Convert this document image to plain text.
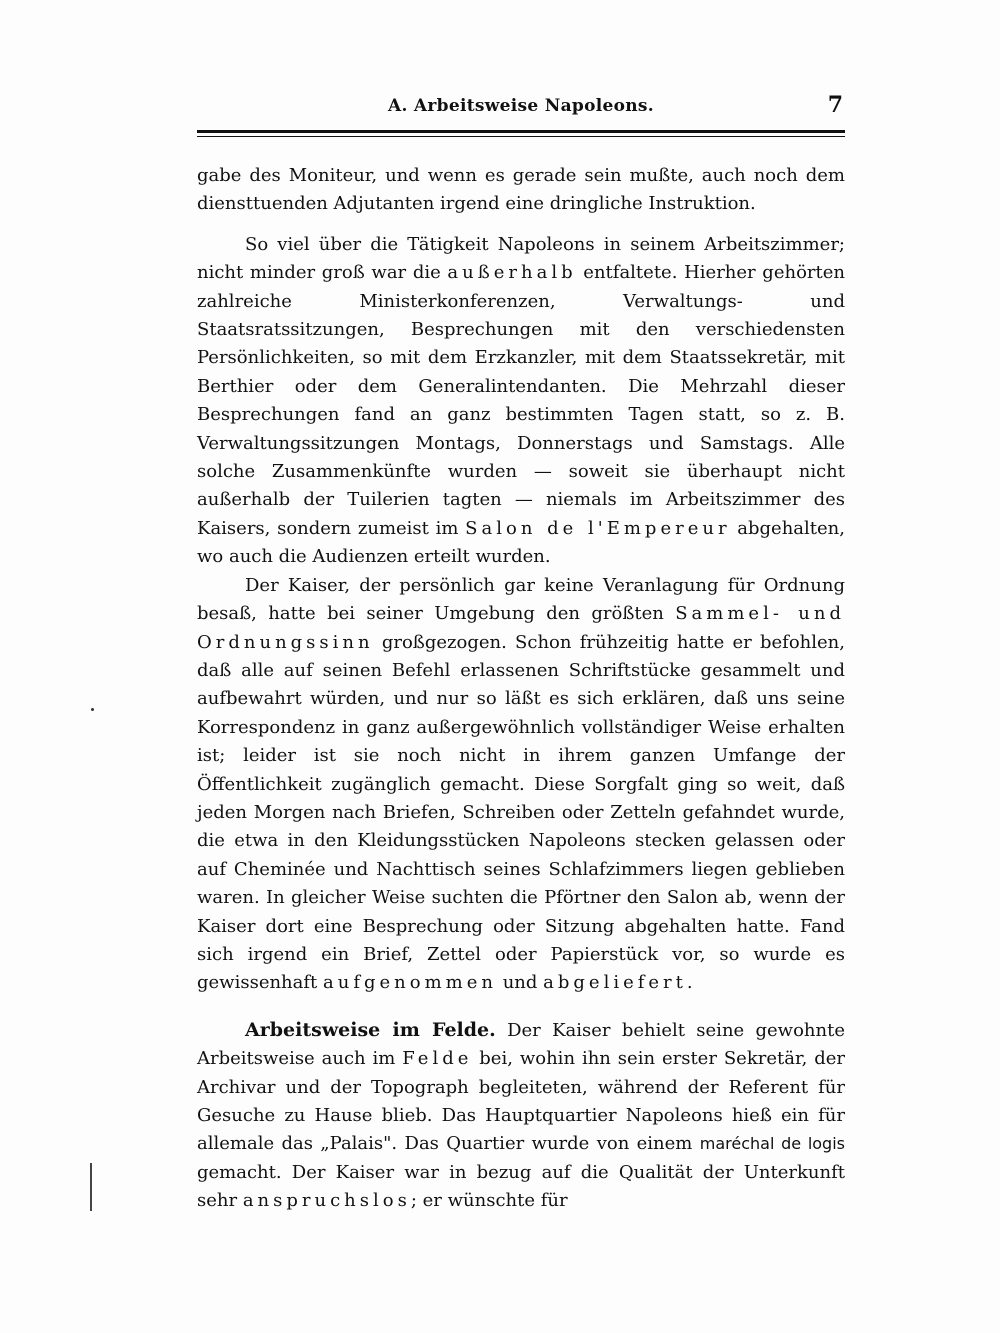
A. Arbeitsweise Napoleons.	7

gabe des Moniteur, und wenn es gerade sein mußte, auch noch dem diensttuenden Adjutanten irgend eine dringliche Instruktion.

So viel über die Tätigkeit Napoleons in seinem Arbeitszimmer; nicht minder groß war die außerhalb entfaltete. Hierher gehörten zahlreiche Ministerkonferenzen, Verwaltungs- und Staatsratssitzungen, Besprechungen mit den verschiedensten Persönlichkeiten, so mit dem Erzkanzler, mit dem Staatssekretär, mit Berthier oder dem Generalintendanten. Die Mehrzahl dieser Besprechungen fand an ganz bestimmten Tagen statt, so z. B. Verwaltungssitzungen Montags, Donnerstags und Samstags. Alle solche Zusammenkünfte wurden — soweit sie überhaupt nicht außerhalb der Tuilerien tagten — niemals im Arbeitszimmer des Kaisers, sondern zumeist im Salon de l'Empereur abgehalten, wo auch die Audienzen erteilt wurden.

Der Kaiser, der persönlich gar keine Veranlagung für Ordnung besaß, hatte bei seiner Umgebung den größten Sammel- und Ordnungssinn großgezogen. Schon frühzeitig hatte er befohlen, daß alle auf seinen Befehl erlassenen Schriftstücke gesammelt und aufbewahrt würden, und nur so läßt es sich erklären, daß uns seine Korrespondenz in ganz außergewöhnlich vollständiger Weise erhalten ist; leider ist sie noch nicht in ihrem ganzen Umfange der Öffentlichkeit zugänglich gemacht. Diese Sorgfalt ging so weit, daß jeden Morgen nach Briefen, Schreiben oder Zetteln gefahndet wurde, die etwa in den Kleidungsstücken Napoleons stecken gelassen oder auf Cheminée und Nachttisch seines Schlafzimmers liegen geblieben waren. In gleicher Weise suchten die Pförtner den Salon ab, wenn der Kaiser dort eine Besprechung oder Sitzung abgehalten hatte. Fand sich irgend ein Brief, Zettel oder Papierstück vor, so wurde es gewissenhaft aufgenommen und abgeliefert.

Arbeitsweise im Felde. Der Kaiser behielt seine gewohnte Arbeitsweise auch im Felde bei, wohin ihn sein erster Sekretär, der Archivar und der Topograph begleiteten, während der Referent für Gesuche zu Hause blieb. Das Hauptquartier Napoleons hieß ein für allemale das „Palais". Das Quartier wurde von einem maréchal de logis gemacht. Der Kaiser war in bezug auf die Qualität der Unterkunft sehr anspruchslos; er wünschte für
